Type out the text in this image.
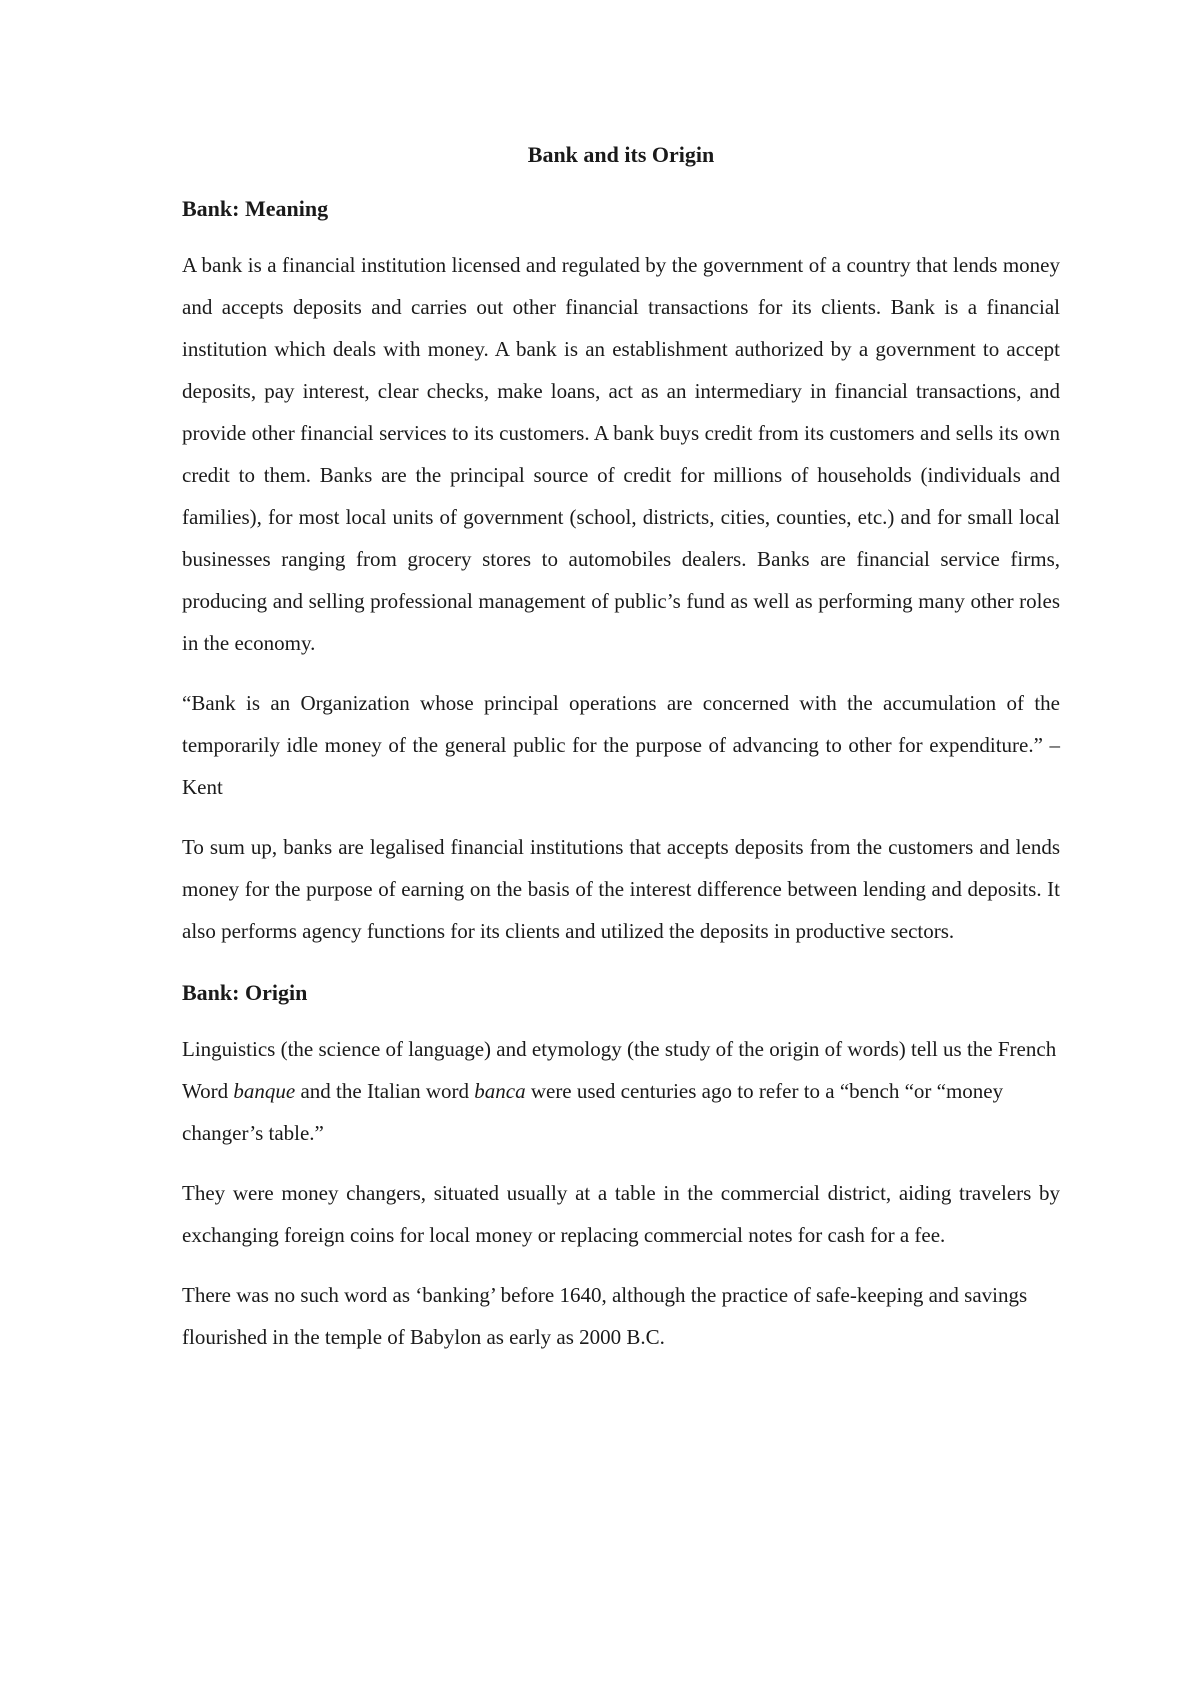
Bank and its Origin
Bank: Meaning

A bank is a financial institution licensed and regulated by the government of a country that lends money and accepts deposits and carries out other financial transactions for its clients. Bank is a financial institution which deals with money. A bank is an establishment authorized by a government to accept deposits, pay interest, clear checks, make loans, act as an intermediary in financial transactions, and provide other financial services to its customers. A bank buys credit from its customers and sells its own credit to them. Banks are the principal source of credit for millions of households (individuals and families), for most local units of government (school, districts, cities, counties, etc.) and for small local businesses ranging from grocery stores to automobiles dealers. Banks are financial service firms, producing and selling professional management of public’s fund as well as performing many other roles in the economy.

“Bank is an Organization whose principal operations are concerned with the accumulation of the temporarily idle money of the general public for the purpose of advancing to other for expenditure.” – Kent

To sum up, banks are legalised financial institutions that accepts deposits from the customers and lends money for the purpose of earning on the basis of the interest difference between lending and deposits. It also performs agency functions for its clients and utilized the deposits in productive sectors.

Bank: Origin

Linguistics (the science of language) and etymology (the study of the origin of words) tell us the French Word banque and the Italian word banca were used centuries ago to refer to a “bench “or “money changer’s table.”

They were money changers, situated usually at a table in the commercial district, aiding travelers by exchanging foreign coins for local money or replacing commercial notes for cash for a fee.

There was no such word as ‘banking’ before 1640, although the practice of safe-keeping and savings flourished in the temple of Babylon as early as 2000 B.C.
